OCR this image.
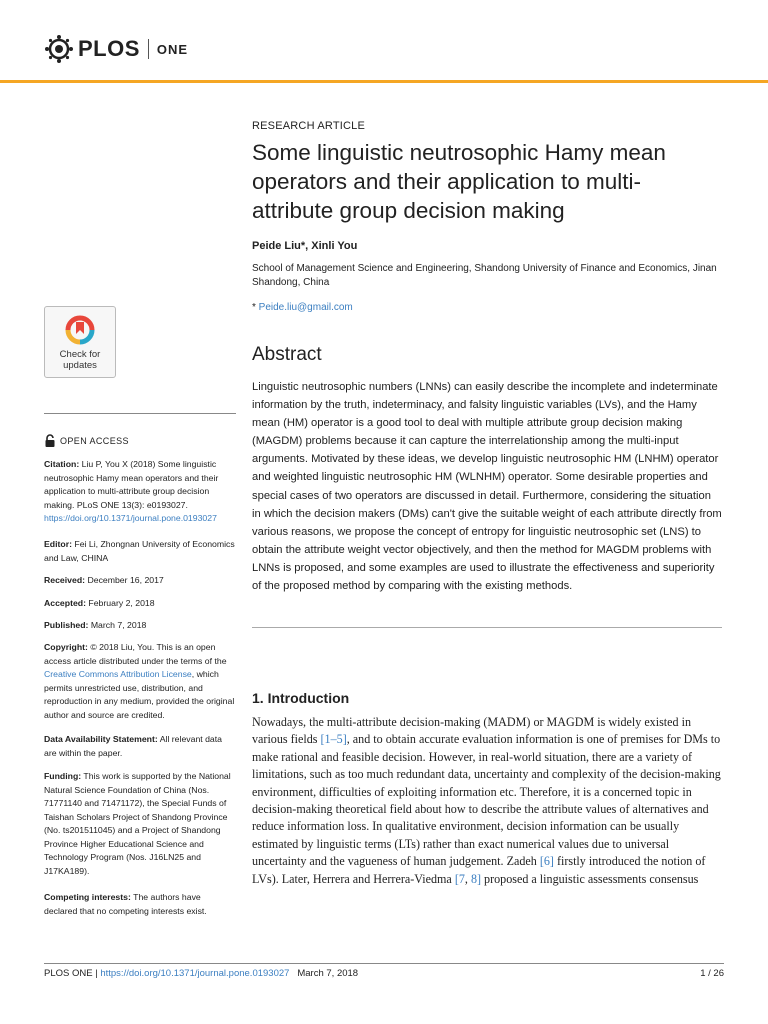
PLOS ONE
RESEARCH ARTICLE
Some linguistic neutrosophic Hamy mean operators and their application to multi-attribute group decision making
Peide Liu*, Xinli You
School of Management Science and Engineering, Shandong University of Finance and Economics, Jinan Shandong, China
* Peide.liu@gmail.com
Abstract

Linguistic neutrosophic numbers (LNNs) can easily describe the incomplete and indeterminate information by the truth, indeterminacy, and falsity linguistic variables (LVs), and the Hamy mean (HM) operator is a good tool to deal with multiple attribute group decision making (MAGDM) problems because it can capture the interrelationship among the multi-input arguments. Motivated by these ideas, we develop linguistic neutrosophic HM (LNHM) operator and weighted linguistic neutrosophic HM (WLNHM) operator. Some desirable properties and special cases of two operators are discussed in detail. Furthermore, considering the situation in which the decision makers (DMs) can't give the suitable weight of each attribute directly from various reasons, we propose the concept of entropy for linguistic neutrosophic set (LNS) to obtain the attribute weight vector objectively, and then the method for MAGDM problems with LNNs is proposed, and some examples are used to illustrate the effectiveness and superiority of the proposed method by comparing with the existing methods.

1. Introduction

Nowadays, the multi-attribute decision-making (MADM) or MAGDM is widely existed in various fields [1–5], and to obtain accurate evaluation information is one of premises for DMs to make rational and feasible decision. However, in real-world situation, there are a variety of limitations, such as too much redundant data, uncertainty and complexity of the decision-making environment, difficulties of exploiting information etc. Therefore, it is a concerned topic in decision-making theoretical field about how to describe the attribute values of alternatives and reduce information loss. In qualitative environment, decision information can be usually estimated by linguistic terms (LTs) rather than exact numerical values due to universal uncertainty and the vagueness of human judgement. Zadeh [6] firstly introduced the notion of LVs). Later, Herrera and Herrera-Viedma [7, 8] proposed a linguistic assessments consensus

Check for
updates
OPEN ACCESS

Citation: Liu P, You X (2018) Some linguistic neutrosophic Hamy mean operators and their application to multi-attribute group decision making. PLoS ONE 13(3): e0193027. https://doi.org/10.1371/journal.pone.0193027

Editor: Fei Li, Zhongnan University of Economics and Law, CHINA

Received: December 16, 2017

Accepted: February 2, 2018

Published: March 7, 2018

Copyright: © 2018 Liu, You. This is an open access article distributed under the terms of the Creative Commons Attribution License, which permits unrestricted use, distribution, and reproduction in any medium, provided the original author and source are credited.

Data Availability Statement: All relevant data are within the paper.

Funding: This work is supported by the National Natural Science Foundation of China (Nos. 71771140 and 71471172), the Special Funds of Taishan Scholars Project of Shandong Province (No. ts201511045) and a Project of Shandong Province Higher Educational Science and Technology Program (Nos. J16LN25 and J17KA189).

Competing interests: The authors have declared that no competing interests exist.

PLOS ONE | https://doi.org/10.1371/journal.pone.0193027 March 7, 2018	1 / 26
